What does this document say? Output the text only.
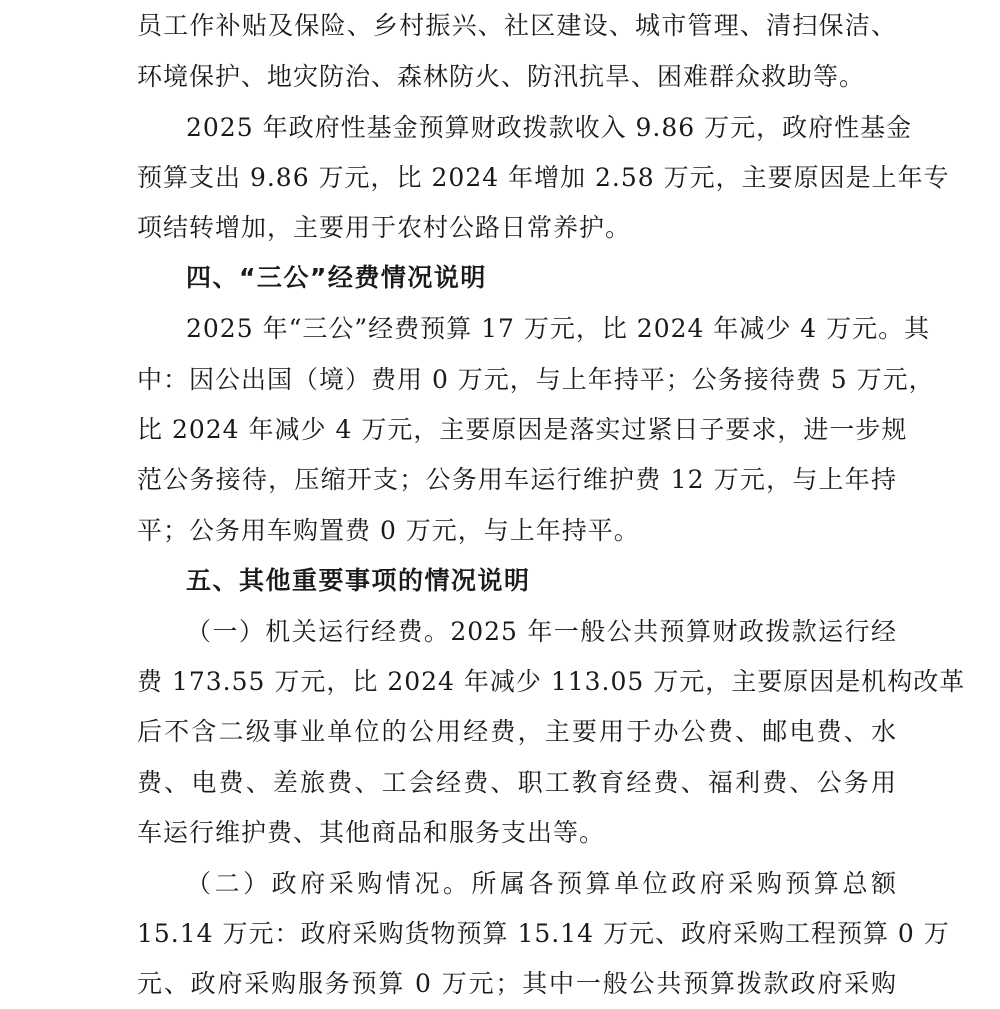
员工作补贴及保险、乡村振兴、社区建设、城市管理、清扫保洁、
环境保护、地灾防治、森林防火、防汛抗旱、困难群众救助等。
2025 年政府性基金预算财政拨款收入 9.86 万元，政府性基金
预算支出 9.86 万元，比 2024 年增加 2.58 万元，主要原因是上年专
项结转增加，主要用于农村公路日常养护。
四、“三公”经费情况说明
2025 年“三公”经费预算 17 万元，比 2024 年减少 4 万元。其
中：因公出国（境）费用 0 万元，与上年持平；公务接待费 5 万元，
比 2024 年减少 4 万元，主要原因是落实过紧日子要求，进一步规
范公务接待，压缩开支；公务用车运行维护费 12 万元，与上年持
平；公务用车购置费 0 万元，与上年持平。
五、其他重要事项的情况说明
（一）机关运行经费。2025 年一般公共预算财政拨款运行经
费 173.55 万元，比 2024 年减少 113.05 万元，主要原因是机构改革
后不含二级事业单位的公用经费，主要用于办公费、邮电费、水
费、电费、差旅费、工会经费、职工教育经费、福利费、公务用
车运行维护费、其他商品和服务支出等。
（二）政府采购情况。所属各预算单位政府采购预算总额
15.14 万元：政府采购货物预算 15.14 万元、政府采购工程预算 0 万
元、政府采购服务预算 0 万元；其中一般公共预算拨款政府采购
